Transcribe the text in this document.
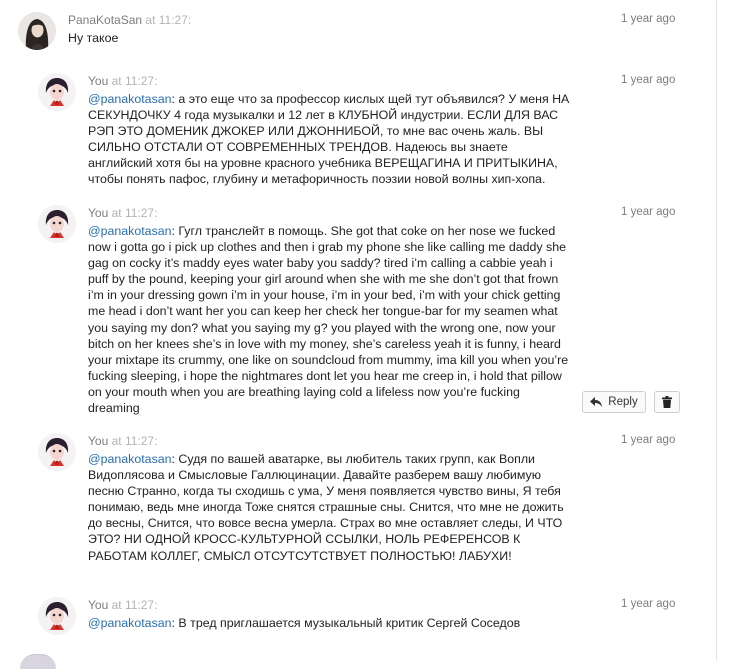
PanaKotaSan at 11:27:	1 year ago
Ну такое
You at 11:27:	1 year ago
@panakotasan: а это еще что за профессор кислых щей тут объявился? У меня НА СЕКУНДОЧКУ 4 года музыкалки и 12 лет в КЛУБНОЙ индустрии. ЕСЛИ ДЛЯ ВАС РЭП ЭТО ДОМЕНИК ДЖОКЕР ИЛИ ДЖОННИБОЙ, то мне вас очень жаль. ВЫ СИЛЬНО ОТСТАЛИ ОТ СОВРЕМЕННЫХ ТРЕНДОВ. Надеюсь вы знаете английский хотя бы на уровне красного учебника ВЕРЕЩАГИНА И ПРИТЫКИНА, чтобы понять пафос, глубину и метафоричность поэзии новой волны хип-хопа.
You at 11:27:	1 year ago
@panakotasan: Гугл транслейт в помощь. She got that coke on her nose we fucked now i gotta go i pick up clothes and then i grab my phone she like calling me daddy she gag on cocky it’s maddy eyes water baby you saddy? tired i’m calling a cabbie yeah i puff by the pound, keeping your girl around when she with me she don’t got that frown i’m in your dressing gown i’m in your house, i’m in your bed, i’m with your chick getting me head i don’t want her you can keep her check her tongue-bar for my seamen what you saying my don? what you saying my g? you played with the wrong one, now your bitch on her knees she’s in love with my money, she’s careless yeah it is funny, i heard your mixtape its crummy, one like on soundcloud from mummy, ima kill you when you’re fucking sleeping, i hope the nightmares dont let you hear me creep in, i hold that pillow on your mouth when you are breathing laying cold a lifeless now you’re fucking dreaming	Reply
You at 11:27:	1 year ago
@panakotasan: Судя по вашей аватарке, вы любитель таких групп, как Вопли Видоплясова и Смысловые Галлюцинации. Давайте разберем вашу любимую песню Странно, когда ты сходишь с ума, У меня появляется чувство вины, Я тебя понимаю, ведь мне иногда Тоже снятся страшные сны. Снится, что мне не дожить до весны, Снится, что вовсе весна умерла. Страх во мне оставляет следы, И ЧТО ЭТО? НИ ОДНОЙ КРОСС-КУЛЬТУРНОЙ ССЫЛКИ, НОЛЬ РЕФЕРЕНСОВ К РАБОТАМ КОЛЛЕГ, СМЫСЛ ОТСУТСУТСТВУЕТ ПОЛНОСТЬЮ! ЛАБУХИ!
You at 11:27:	1 year ago
@panakotasan: В тред приглашается музыкальный критик Сергей Соседов
